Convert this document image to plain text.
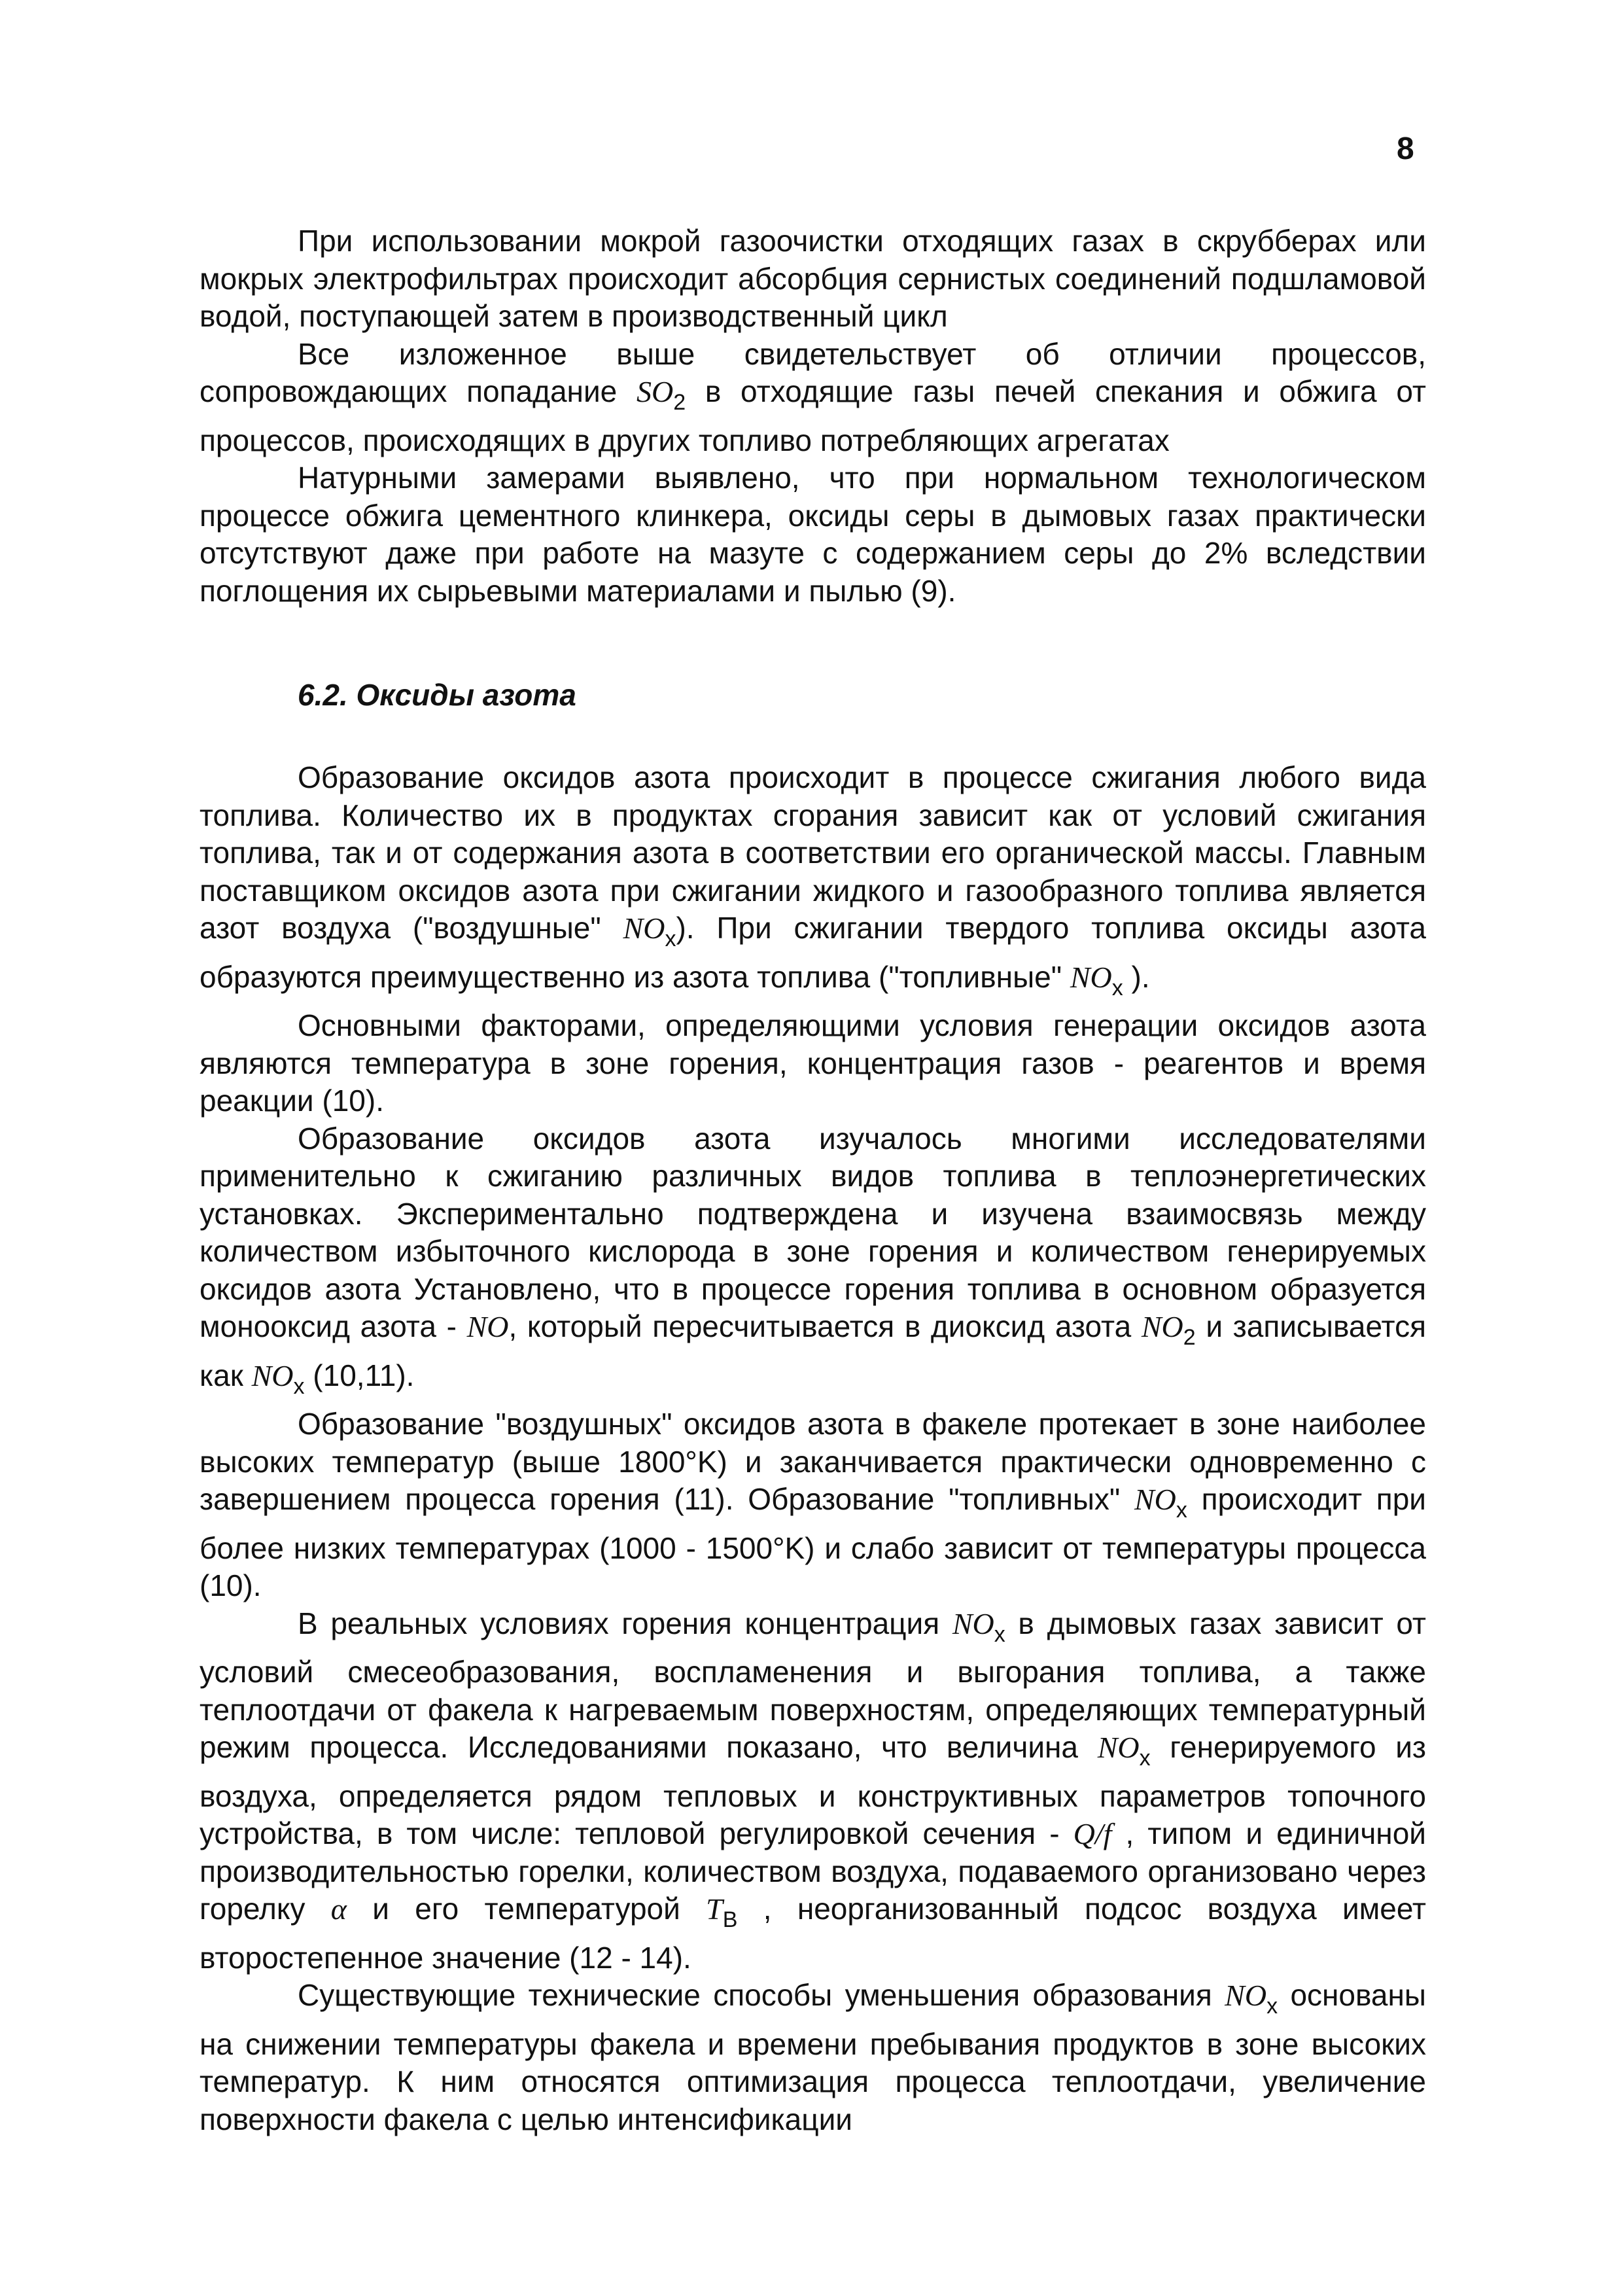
8

При использовании мокрой газоочистки отходящих газах в скрубберах или мокрых электрофильтрах происходит абсорбция сернистых соединений подшламовой водой, поступающей затем в производственный цикл

Все изложенное выше свидетельствует об отличии процессов, сопровождающих попадание $SO_2$ в отходящие газы печей спекания и обжига от процессов, происходящих в других топливо потребляющих агрегатах

Натурными замерами выявлено, что при нормальном технологическом процессе обжига цементного клинкера, оксиды серы в дымовых газах практически отсутствуют даже при работе на мазуте с содержанием серы до 2% вследствии поглощения их сырьевыми материалами и пылью (9).

6.2. Оксиды азота

Образование оксидов азота происходит в процессе сжигания любого вида топлива. Количество их в продуктах сгорания зависит как от условий сжигания топлива, так и от содержания азота в соответствии его органической массы. Главным поставщиком оксидов азота при сжигании жидкого и газообразного топлива является азот воздуха ("воздушные" $NO_x$). При сжигании твердого топлива оксиды азота образуются преимущественно из азота топлива ("топливные" $NO_x$ ).

Основными факторами, определяющими условия генерации оксидов азота являются температура в зоне горения, концентрация газов - реагентов и время реакции (10).

Образование оксидов азота изучалось многими исследователями применительно к сжиганию различных видов топлива в теплоэнергетических установках. Экспериментально подтверждена и изучена взаимосвязь между количеством избыточного кислорода в зоне горения и количеством генерируемых оксидов азота Установлено, что в процессе горения топлива в основном образуется монооксид азота - NO, который пересчитывается в диоксид азота $NO_2$ и записывается как $NO_x$ (10,11).

Образование "воздушных" оксидов азота в факеле протекает в зоне наиболее высоких температур (выше 1800°K) и заканчивается практически одновременно с завершением процесса горения (11). Образование "топливных" $NO_x$ происходит при более низких температурах (1000 - 1500°K) и слабо зависит от температуры процесса (10).

В реальных условиях горения концентрация $NO_x$ в дымовых газах зависит от условий смесеобразования, воспламенения и выгорания топлива, а также теплоотдачи от факела к нагреваемым поверхностям, определяющих температурный режим процесса. Исследованиями показано, что величина $NO_x$ генерируемого из воздуха, определяется рядом тепловых и конструктивных параметров топочного устройства, в том числе: тепловой регулировкой сечения - Q/f , типом и единичной производительностью горелки, количеством воздуха, подаваемого организовано через горелку α и его температурой $T_B$ , неорганизованный подсос воздуха имеет второстепенное значение (12 - 14).

Существующие технические способы уменьшения образования $NO_x$ основаны на снижении температуры факела и времени пребывания продуктов в зоне высоких температур. К ним относятся оптимизация процесса теплоотдачи, увеличение поверхности факела с целью интенсификации
